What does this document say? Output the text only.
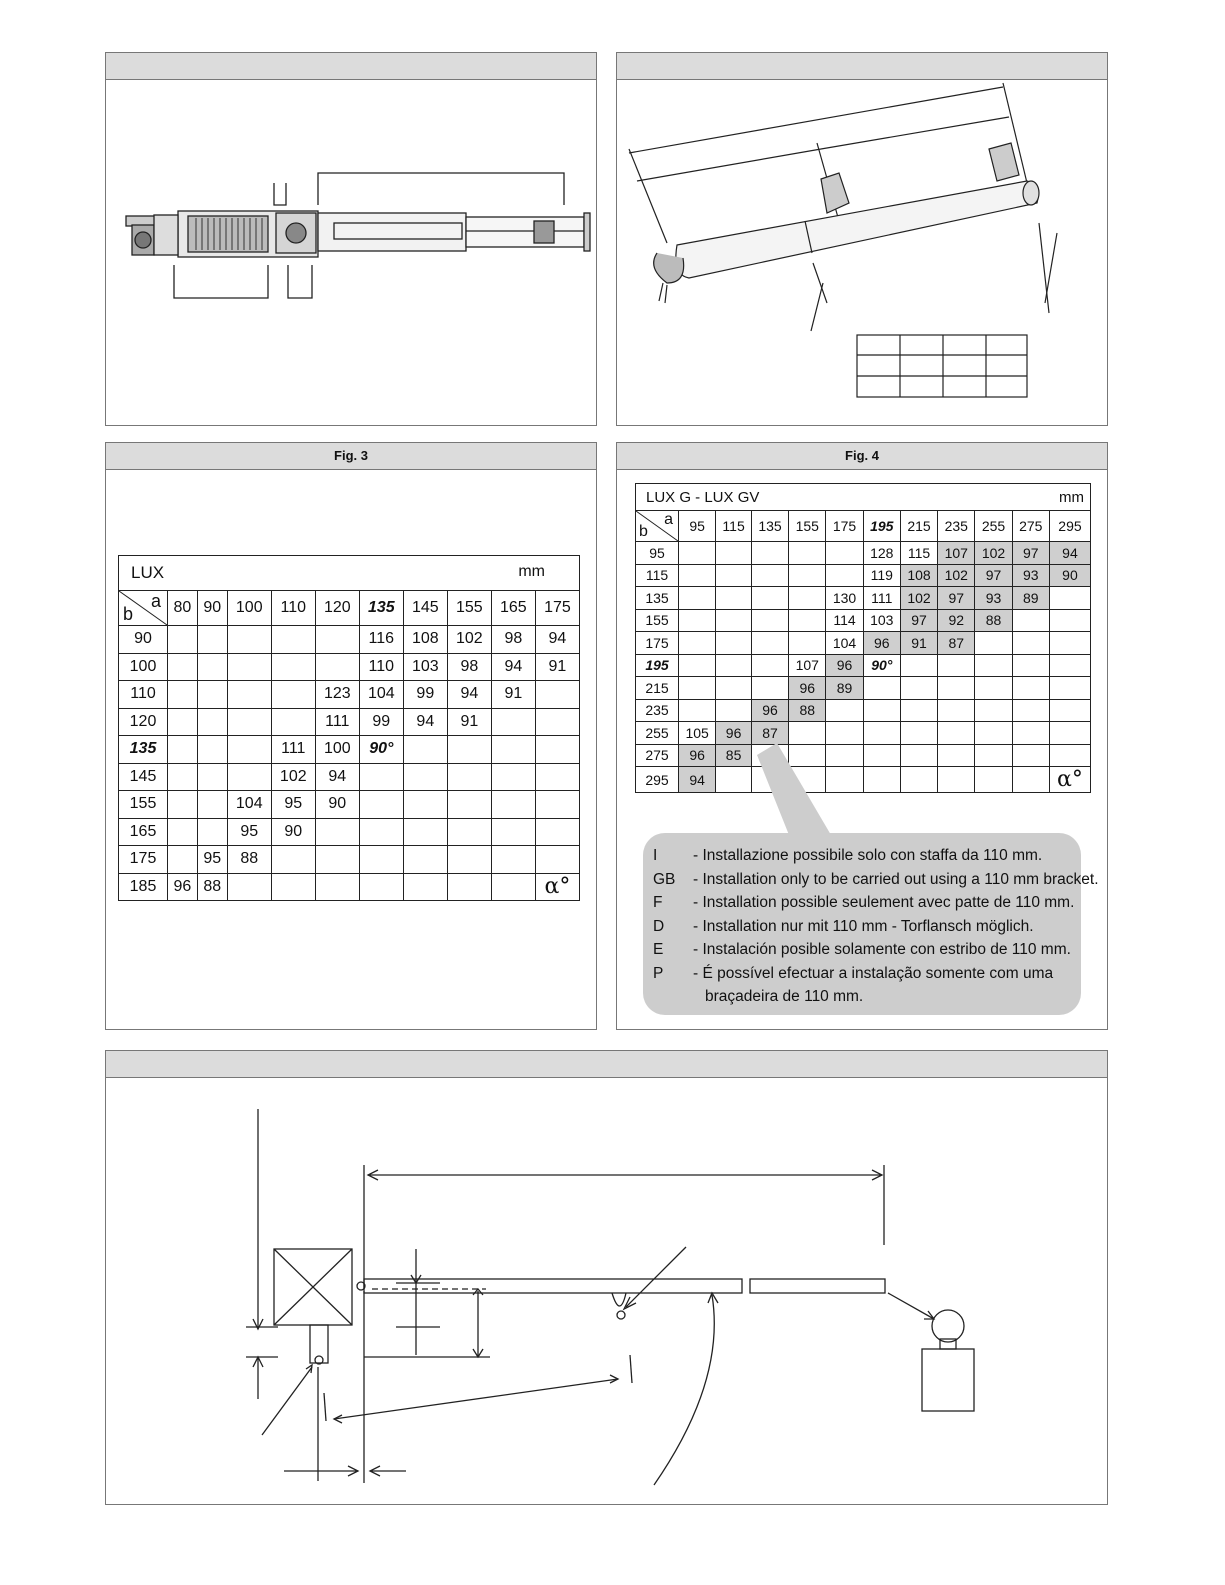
Fig. 3
LUX mm										

a
b	80	90	100	110	120	135	145	155	165	175
90						116	108	102	98	94
100						110	103	98	94	91
110					123	104	99	94	91	
120					111	99	94	91		
135				111	100	90°				
145				102	94					
155			104	95	90					
165			95	90						
175		95	88							
185	96	88								α°
Fig. 4
LUX G - LUX GV mm											

a
b	95	115	135	155	175	195	215	235	255	275	295
95						128	115	107	102	97	94
115						119	108	102	97	93	90
135					130	111	102	97	93	89	
155					114	103	97	92	88		
175					104	96	91	87			
195				107	96	90°					
215				96	89						
235			96	88							
255	105	96	87								
275	96	85									
295	94										α°
I	- Installazione possibile solo con staffa da 110 mm.
GB	- Installation only to be carried out using a 110 mm bracket.
F	- Installation possible seulement avec patte de 110 mm.
D	- Installation nur mit 110 mm - Torflansch möglich.
E	- Instalación posible solamente con estribo de 110 mm.
P	- É possível efectuar a instalação somente com uma
braçadeira de 110 mm.
